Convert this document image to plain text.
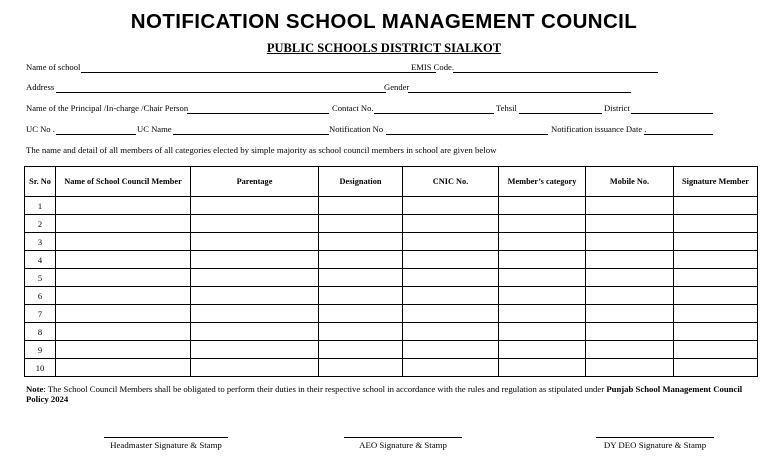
NOTIFICATION SCHOOL MANAGEMENT COUNCIL
PUBLIC SCHOOLS DISTRICT SIALKOT
Name of school	EMIS Code.
Address	Gender
Name of the Principal /In-charge /Chair Person	Contact No.	Tehsil	District
UC No .	UC Name	Notification No	Notification issuance Date .
The name and detail of all members of all categories elected by simple majority as school council members in school are given below
Sr. No	Name of School Council Member	Parentage	Designation	CNIC No.	Member’s category	Mobile No.	Signature Member
1							
2							
3							
4							
5							
6							
7							
8							
9							
10							
Note: The School Council Members shall be obligated to perform their duties in their respective school in accordance with the rules and regulation as stipulated under Punjab School Management Council Policy 2024
Headmaster Signature & Stamp	AEO Signature & Stamp	DY DEO Signature & Stamp
